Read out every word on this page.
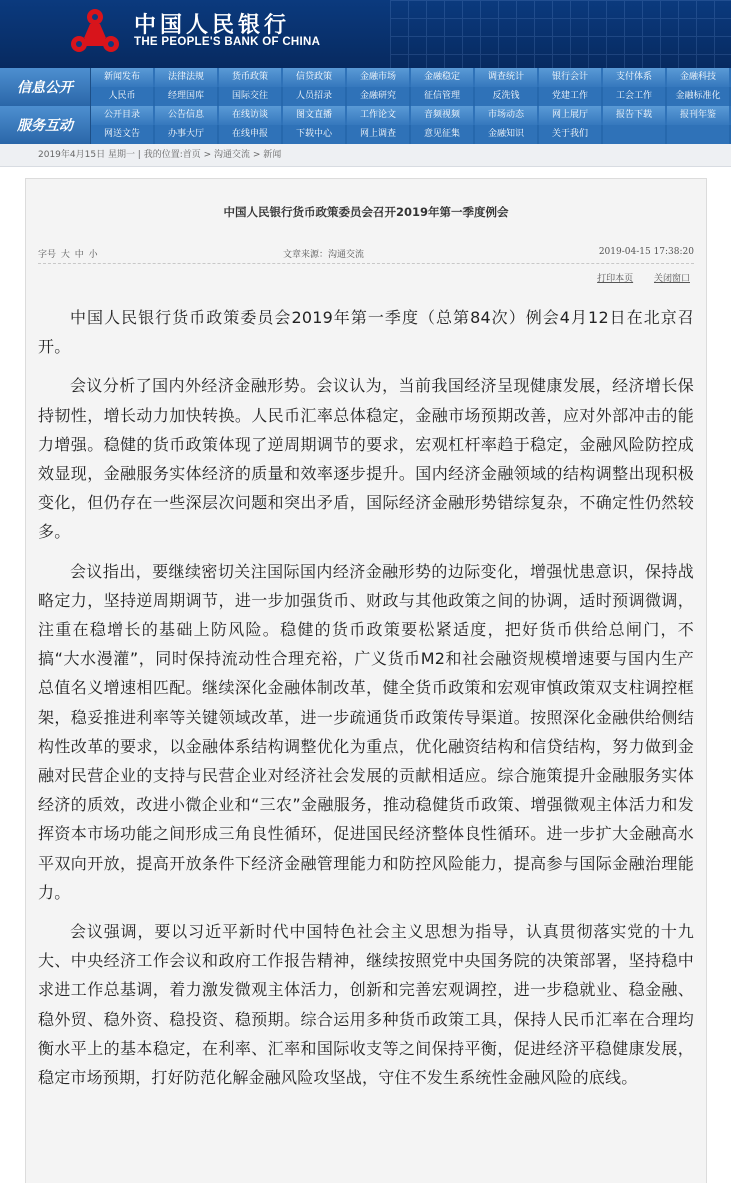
中国人民银行
THE PEOPLE'S BANK OF CHINA
信息公开
服务互动
新闻发布	法律法规	货币政策	信贷政策	金融市场	金融稳定	调查统计	银行会计	支付体系	金融科技
人民币	经理国库	国际交往	人员招录	金融研究	征信管理	反洗钱	党建工作	工会工作	金融标准化
公开目录	公告信息	在线访谈	图文直播	工作论文	音频视频	市场动态	网上展厅	报告下载	报刊年鉴
网送文告	办事大厅	在线申报	下载中心	网上调查	意见征集	金融知识	关于我们
2019年4月15日 星期一 | 我的位置:首页 > 沟通交流 > 新闻
中国人民银行货币政策委员会召开2019年第一季度例会
字号 大 中 小	文章来源：沟通交流	2019-04-15 17:38:20
打印本页 关闭窗口

中国人民银行货币政策委员会2019年第一季度（总第84次）例会4月12日在北京召开。

会议分析了国内外经济金融形势。会议认为，当前我国经济呈现健康发展，经济增长保持韧性，增长动力加快转换。人民币汇率总体稳定，金融市场预期改善，应对外部冲击的能力增强。稳健的货币政策体现了逆周期调节的要求，宏观杠杆率趋于稳定，金融风险防控成效显现，金融服务实体经济的质量和效率逐步提升。国内经济金融领域的结构调整出现积极变化，但仍存在一些深层次问题和突出矛盾，国际经济金融形势错综复杂，不确定性仍然较多。

会议指出，要继续密切关注国际国内经济金融形势的边际变化，增强忧患意识，保持战略定力，坚持逆周期调节，进一步加强货币、财政与其他政策之间的协调，适时预调微调，注重在稳增长的基础上防风险。稳健的货币政策要松紧适度，把好货币供给总闸门，不搞“大水漫灌”，同时保持流动性合理充裕，广义货币M2和社会融资规模增速要与国内生产总值名义增速相匹配。继续深化金融体制改革，健全货币政策和宏观审慎政策双支柱调控框架，稳妥推进利率等关键领域改革，进一步疏通货币政策传导渠道。按照深化金融供给侧结构性改革的要求，以金融体系结构调整优化为重点，优化融资结构和信贷结构，努力做到金融对民营企业的支持与民营企业对经济社会发展的贡献相适应。综合施策提升金融服务实体经济的质效，改进小微企业和“三农”金融服务，推动稳健货币政策、增强微观主体活力和发挥资本市场功能之间形成三角良性循环，促进国民经济整体良性循环。进一步扩大金融高水平双向开放，提高开放条件下经济金融管理能力和防控风险能力，提高参与国际金融治理能力。

会议强调，要以习近平新时代中国特色社会主义思想为指导，认真贯彻落实党的十九大、中央经济工作会议和政府工作报告精神，继续按照党中央国务院的决策部署，坚持稳中求进工作总基调，着力激发微观主体活力，创新和完善宏观调控，进一步稳就业、稳金融、稳外贸、稳外资、稳投资、稳预期。综合运用多种货币政策工具，保持人民币汇率在合理均衡水平上的基本稳定，在利率、汇率和国际收支等之间保持平衡，促进经济平稳健康发展，稳定市场预期，打好防范化解金融风险攻坚战，守住不发生系统性金融风险的底线。
